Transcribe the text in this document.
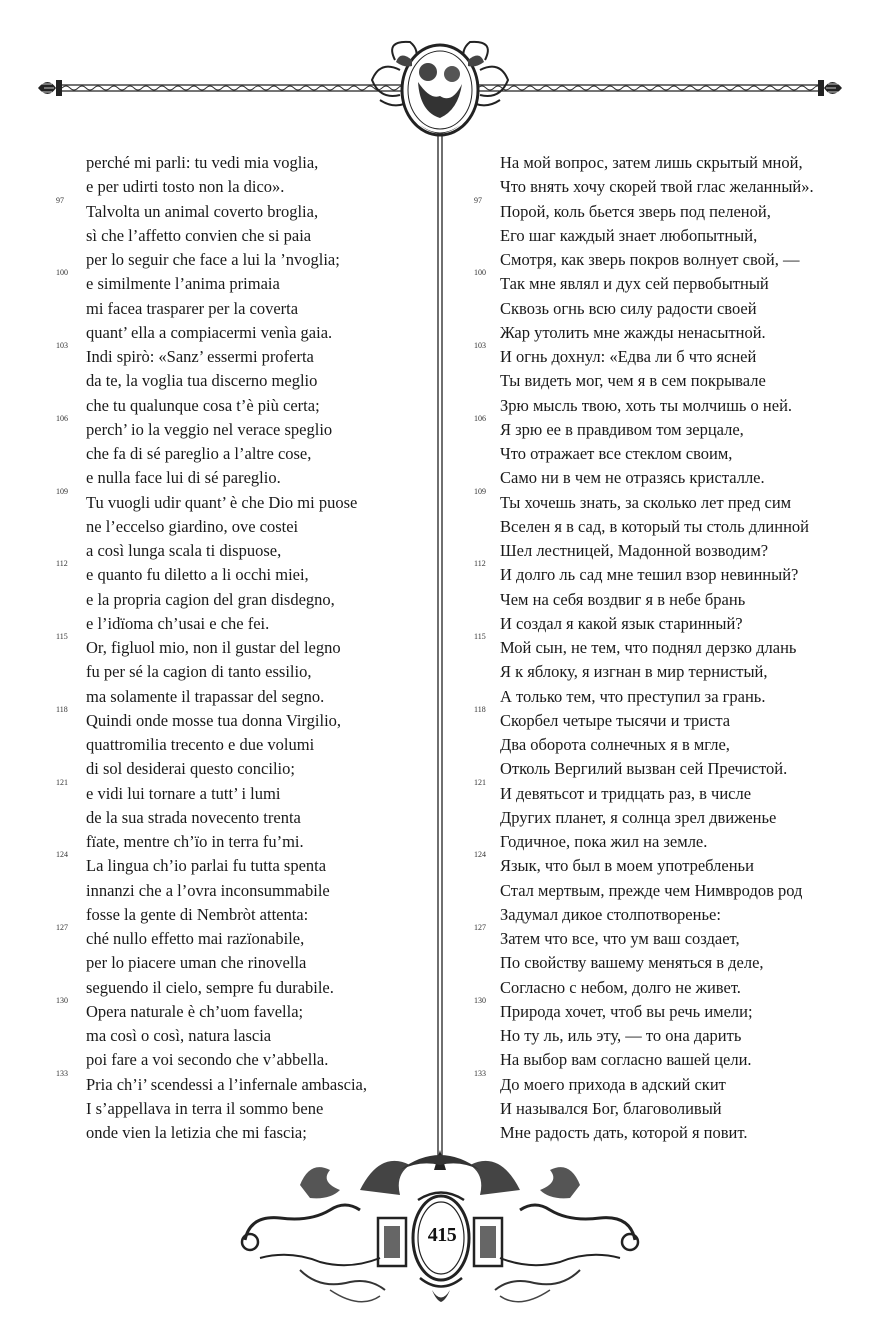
perché mi parli: tu vedi mia voglia,
e per udirti tosto non la dico».
97
Talvolta un animal coverto broglia,
sì che l’affetto convien che si paia
per lo seguir che face a lui la ’nvoglia;
100
e similmente l’anima primaia
mi facea trasparer per la coverta
quant’ ella a compiacermi venìa gaia.
103
Indi spirò: «Sanz’ essermi proferta
da te, la voglia tua discerno meglio
che tu qualunque cosa t’è più certa;
106
perch’ io la veggio nel verace speglio
che fa di sé pareglio a l’altre cose,
e nulla face lui di sé pareglio.
109
Tu vuogli udir quant’ è che Dio mi puose
ne l’eccelso giardino, ove costei
a così lunga scala ti dispuose,
112
e quanto fu diletto a li occhi miei,
e la propria cagion del gran disdegno,
e l’idïoma ch’usai e che fei.
115
Or, figluol mio, non il gustar del legno
fu per sé la cagion di tanto essilio,
ma solamente il trapassar del segno.
118
Quindi onde mosse tua donna Virgilio,
quattromilia trecento e due volumi
di sol desiderai questo concilio;
121
e vidi lui tornare a tutt’ i lumi
de la sua strada novecento trenta
fïate, mentre ch’ïo in terra fu’mi.
124
La lingua ch’io parlai fu tutta spenta
innanzi che a l’ovra inconsummabile
fosse la gente di Nembròt attenta:
127
ché nullo effetto mai razïonabile,
per lo piacere uman che rinovella
seguendo il cielo, sempre fu durabile.
130
Opera naturale è ch’uom favella;
ma così o così, natura lascia
poi fare a voi secondo che v’abbella.
133
Pria ch’i’ scendessi a l’infernale ambascia,
I s’appellava in terra il sommo bene
onde vien la letizia che mi fascia;
На мой вопрос, затем лишь скрытый мной,
Что внять хочу скорей твой глас желанный».
97
Порой, коль бьется зверь под пеленой,
Его шаг каждый знает любопытный,
Смотря, как зверь покров волнует свой, —
100
Так мне являл и дух сей первобытный
Сквозь огнь всю силу радости своей
Жар утолить мне жажды ненасытной.
103
И огнь дохнул: «Едва ли б что ясней
Ты видеть мог, чем я в сем покрывале
Зрю мысль твою, хоть ты молчишь о ней.
106
Я зрю ее в правдивом том зерцале,
Что отражает все стеклом своим,
Само ни в чем не отразясь кристалле.
109
Ты хочешь знать, за сколько лет пред сим
Вселен я в сад, в который ты столь длинной
Шел лестницей, Мадонной возводим?
112
И долго ль сад мне тешил взор невинный?
Чем на себя воздвиг я в небе брань
И создал я какой язык старинный?
115
Мой сын, не тем, что поднял дерзко длань
Я к яблоку, я изгнан в мир тернистый,
А только тем, что преступил за грань.
118
Скорбел четыре тысячи и триста
Два оборота солнечных я в мгле,
Отколь Вергилий вызван сей Пречистой.
121
И девятьсот и тридцать раз, в числе
Других планет, я солнца зрел движенье
Годичное, пока жил на земле.
124
Язык, что был в моем употребленьи
Стал мертвым, прежде чем Нимвродов род
Задумал дикое столпотворенье:
127
Затем что все, что ум ваш создает,
По свойству вашему меняться в деле,
Согласно с небом, долго не живет.
130
Природа хочет, чтоб вы речь имели;
Но ту ль, иль эту, — то она дарить
На выбор вам согласно вашей цели.
133
До моего прихода в адский скит
И назывался Бог, благоволивый
Мне радость дать, которой я повит.
415
